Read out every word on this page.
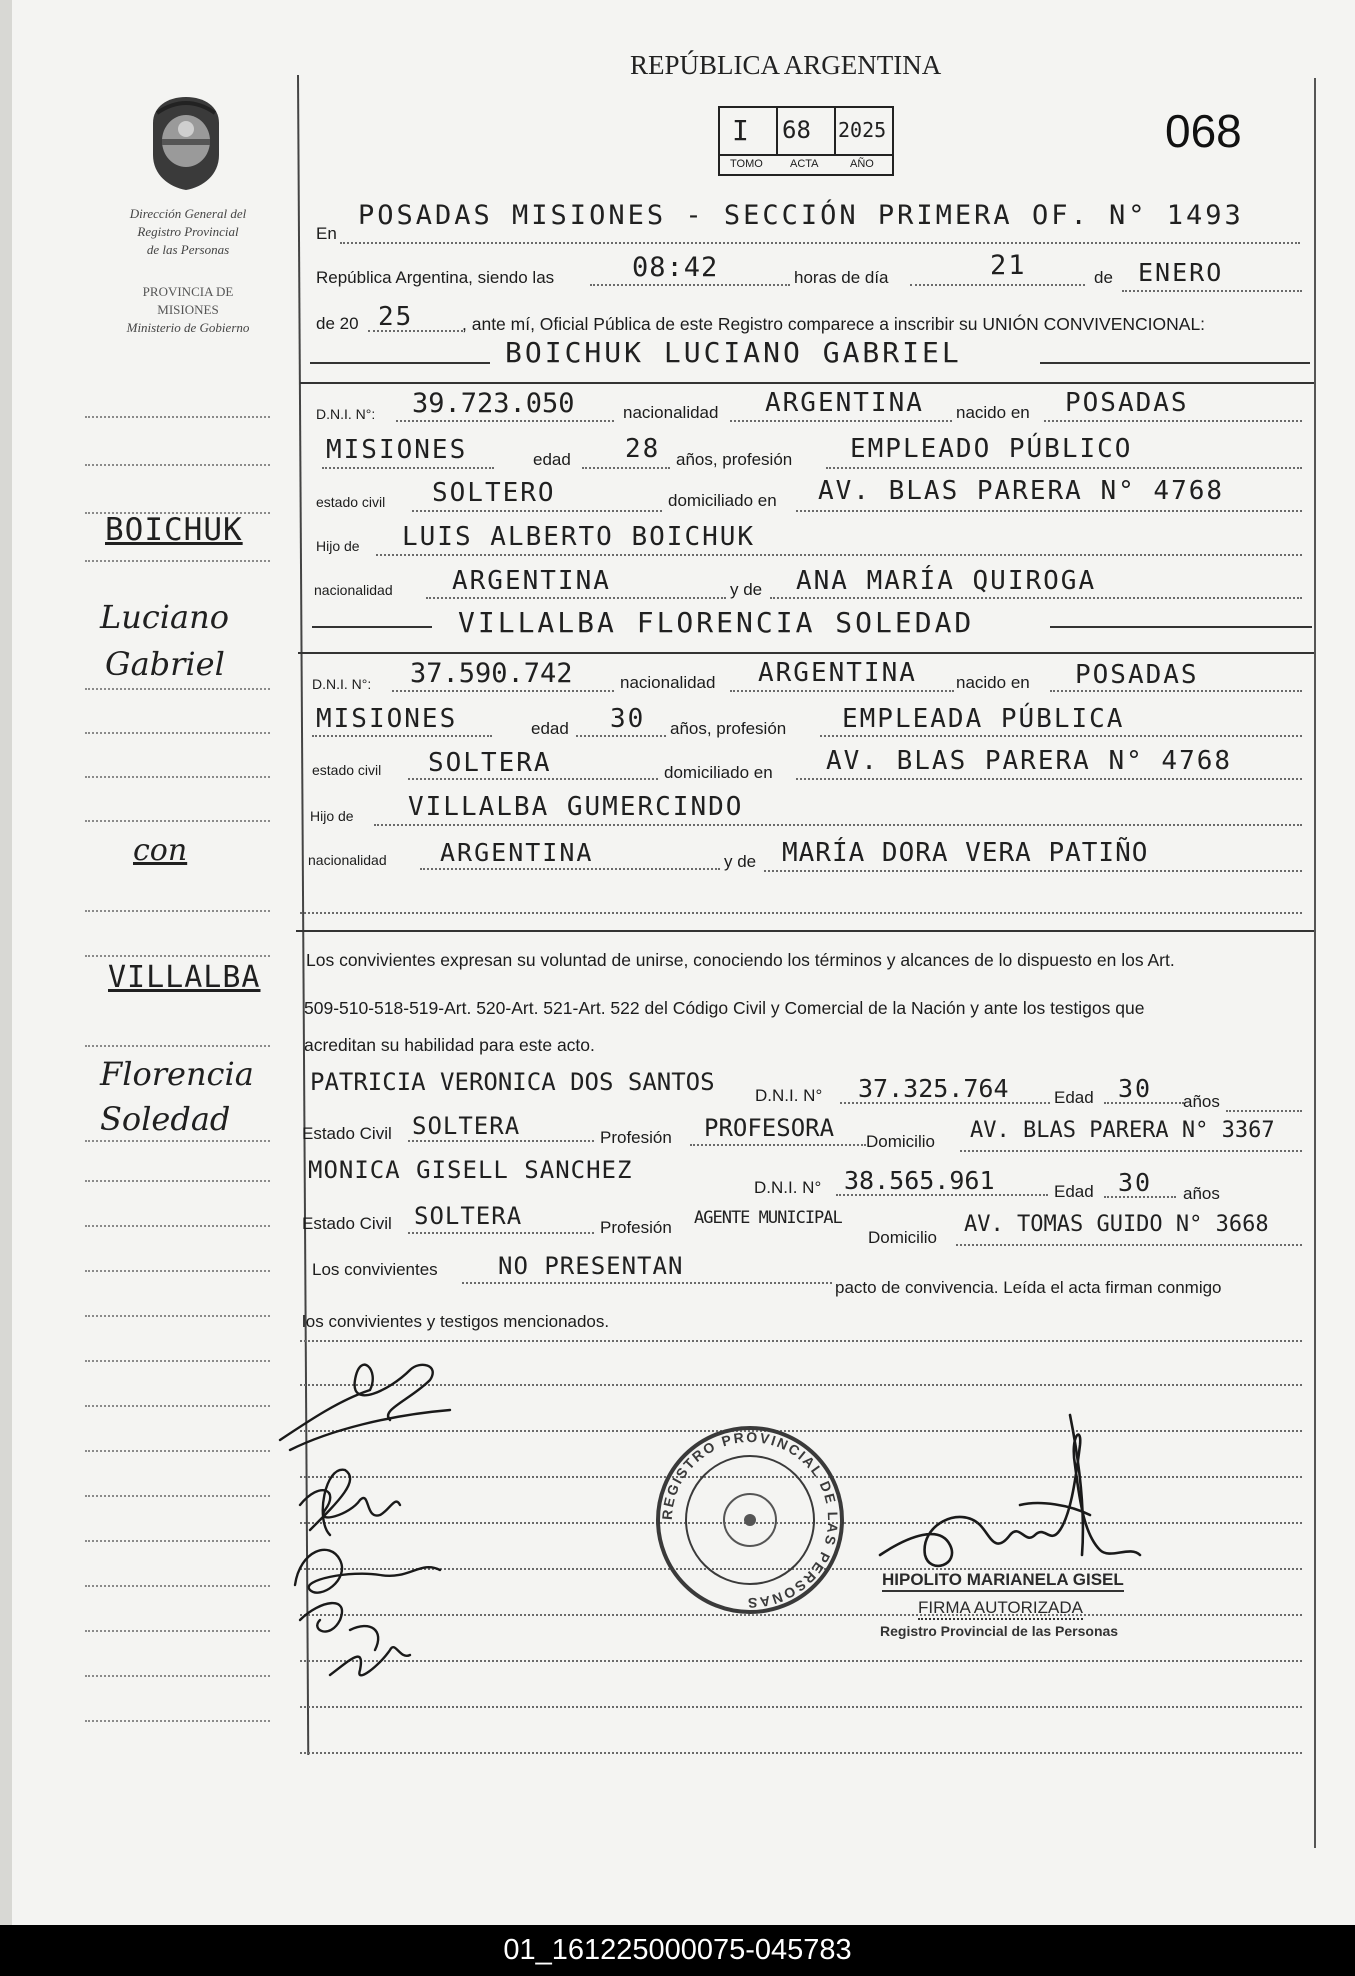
REPÚBLICA ARGENTINA
068
I 68 2025
TOMO ACTA	AÑO
Dirección General del
Registro Provincial
de las Personas
PROVINCIA DE
MISIONES
Ministerio de Gobierno
BOICHUK
Luciano
Gabriel
con
VILLALBA
Florencia
Soledad
En
POSADAS MISIONES - SECCIÓN PRIMERA OF. N° 1493
República Argentina, siendo las	08:42	horas de día	21	de ENERO
de 20 25	, ante mí, Oficial Pública de este Registro comparece a inscribir su UNIÓN CONVIVENCIONAL:
BOICHUK LUCIANO GABRIEL
D.N.I. N°: 39.723.050	nacionalidad ARGENTINA nacido en POSADAS
MISIONES	edad 28 años, profesión EMPLEADO PÚBLICO
estado civil SOLTERO	domiciliado en AV. BLAS PARERA N° 4768
Hijo de LUIS ALBERTO BOICHUK
nacionalidad ARGENTINA	y de ANA MARÍA QUIROGA
VILLALBA FLORENCIA SOLEDAD
D.N.I. N°: 37.590.742	nacionalidad ARGENTINA nacido en POSADAS
MISIONES	edad 30 años, profesión EMPLEADA PÚBLICA
estado civil SOLTERA	domiciliado en AV. BLAS PARERA N° 4768
Hijo de VILLALBA GUMERCINDO
nacionalidad ARGENTINA	y de MARÍA DORA VERA PATIÑO
Los convivientes expresan su voluntad de unirse, conociendo los términos y alcances de lo dispuesto en los Art.
509-510-518-519-Art. 520-Art. 521-Art. 522 del Código Civil y Comercial de la Nación y ante los testigos que
acreditan su habilidad para este acto.
PATRICIA VERONICA DOS SANTOS D.N.I. N° 37.325.764	Edad 30 años
Estado Civil SOLTERA	Profesión PROFESORA Domicilio AV. BLAS PARERA N° 3367
MONICA GISELL SANCHEZ
D.N.I. N° 38.565.961	Edad 30 años
Estado Civil SOLTERA	Profesión AGENTE MUNICIPAL
Domicilio
AV. TOMAS GUIDO N° 3668
Los convivientes	NO PRESENTAN
pacto de convivencia. Leída el acta firman conmigo
los convivientes y testigos mencionados.
REGISTRO PROVINCIAL DE LAS PERSONAS
HIPOLITO MARIANELA GISEL
FIRMA AUTORIZADA
Registro Provincial de las Personas
01_161225000075-045783
